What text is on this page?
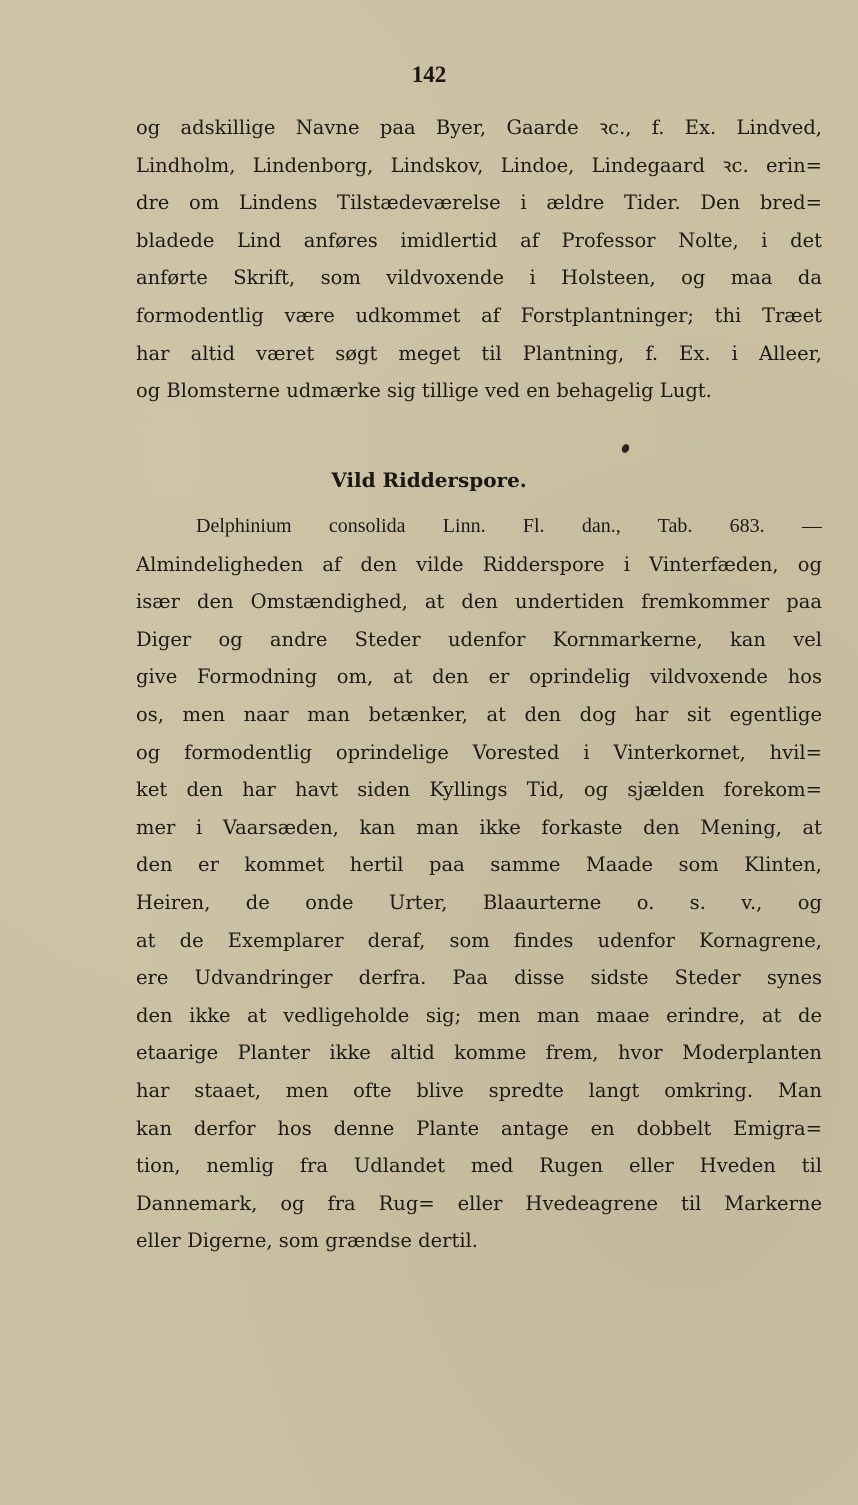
142
og adskillige Navne paa Byer, Gaarde ꝛc., f. Ex. Lindved,
Lindholm, Lindenborg, Lindskov, Lindoe, Lindegaard ꝛc. erin=
dre om Lindens Tilstædeværelse i ældre Tider. Den bred=
bladede Lind anføres imidlertid af Professor Nolte, i det
anførte Skrift, som vildvoxende i Holsteen, og maa da
formodentlig være udkommet af Forstplantninger; thi Træet
har altid været søgt meget til Plantning, f. Ex. i Alleer,
og Blomsterne udmærke sig tillige ved en behagelig Lugt.
Vild Ridderspore.
Delphinium consolida Linn. Fl. dan., Tab. 683. —
Almindeligheden af den vilde Ridderspore i Vinterfæden, og
især den Omstændighed, at den undertiden fremkommer paa
Diger og andre Steder udenfor Kornmarkerne, kan vel
give Formodning om, at den er oprindelig vildvoxende hos
os, men naar man betænker, at den dog har sit egentlige
og formodentlig oprindelige Vorested i Vinterkornet, hvil=
ket den har havt siden Kyllings Tid, og sjælden forekom=
mer i Vaarsæden, kan man ikke forkaste den Mening, at
den er kommet hertil paa samme Maade som Klinten,
Heiren, de onde Urter, Blaaurterne o. s. v., og
at de Exemplarer deraf, som findes udenfor Kornagrene,
ere Udvandringer derfra. Paa disse sidste Steder synes
den ikke at vedligeholde sig; men man maae erindre, at de
etaarige Planter ikke altid komme frem, hvor Moderplanten
har staaet, men ofte blive spredte langt omkring. Man
kan derfor hos denne Plante antage en dobbelt Emigra=
tion, nemlig fra Udlandet med Rugen eller Hveden til
Dannemark, og fra Rug= eller Hvedeagrene til Markerne
eller Digerne, som grændse dertil.
